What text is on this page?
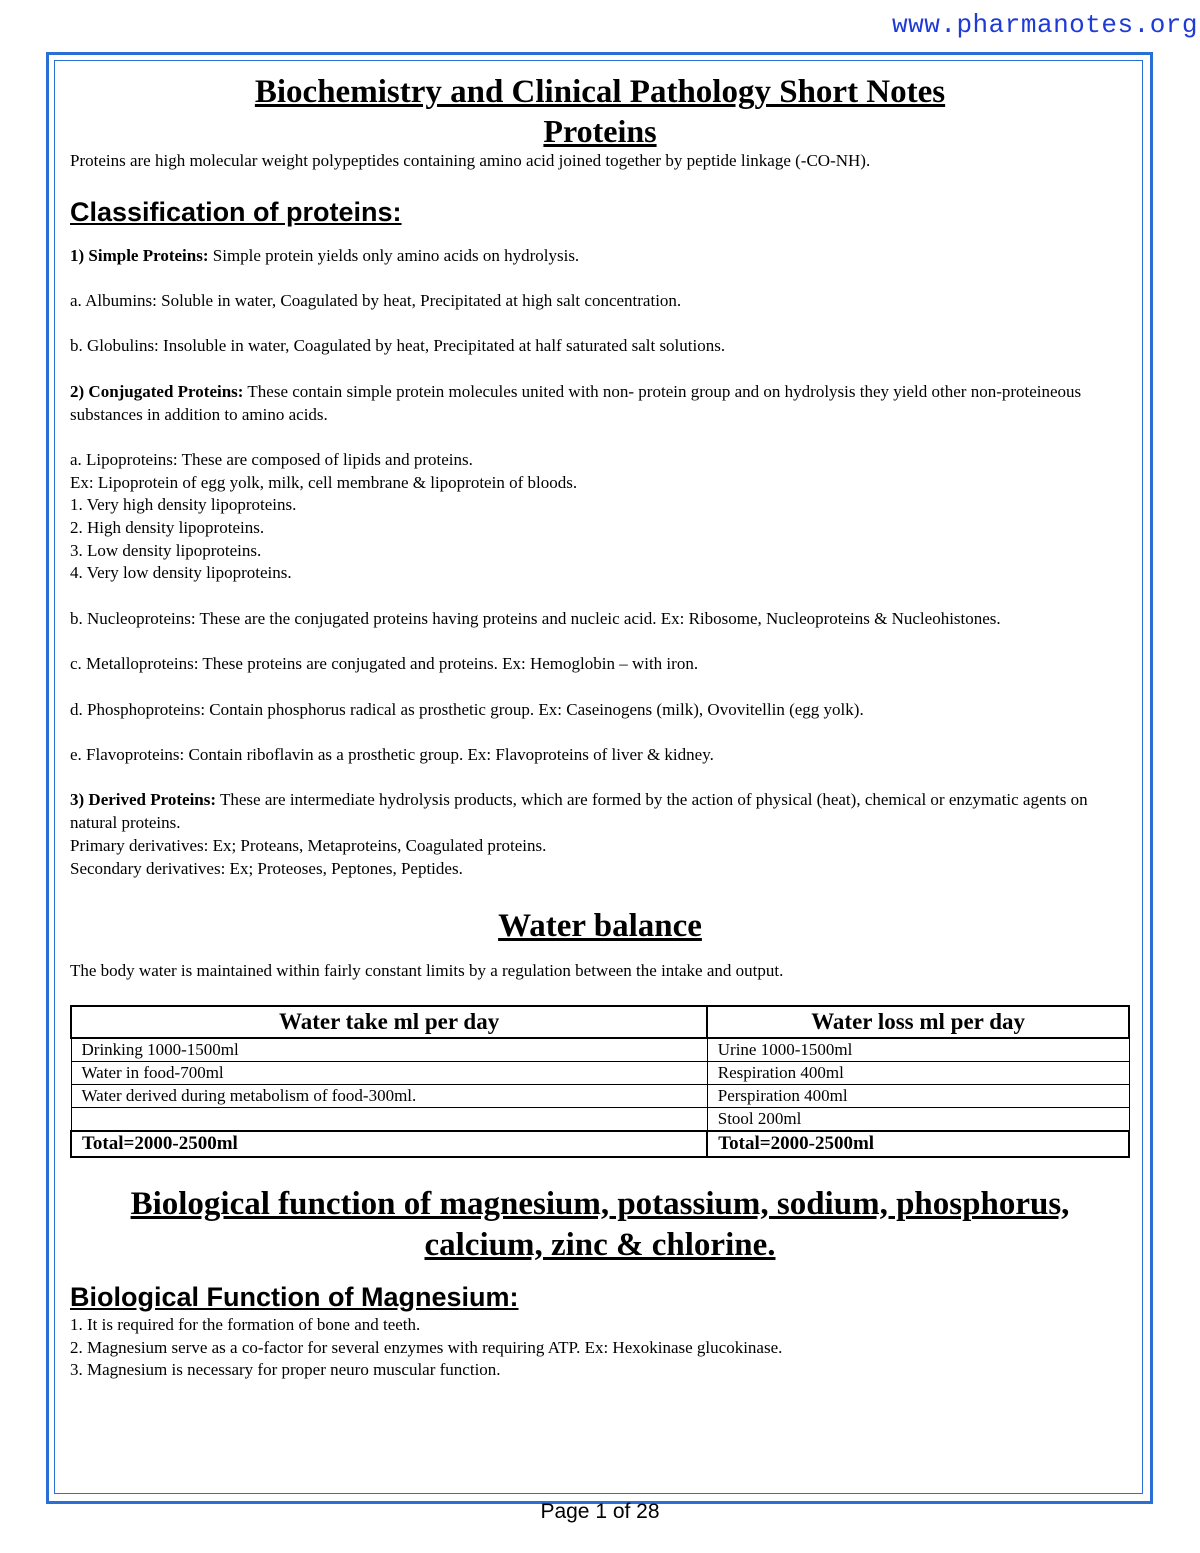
www.pharmanotes.org
Biochemistry and Clinical Pathology Short Notes
Proteins

Proteins are high molecular weight polypeptides containing amino acid joined together by peptide linkage (-CO-NH).

Classification of proteins:

1) Simple Proteins: Simple protein yields only amino acids on hydrolysis.

a. Albumins: Soluble in water, Coagulated by heat, Precipitated at high salt concentration.

b. Globulins: Insoluble in water, Coagulated by heat, Precipitated at half saturated salt solutions.

2) Conjugated Proteins: These contain simple protein molecules united with non- protein group and on hydrolysis they yield other non-proteineous substances in addition to amino acids.

a. Lipoproteins: These are composed of lipids and proteins.

Ex: Lipoprotein of egg yolk, milk, cell membrane & lipoprotein of bloods.

1. Very high density lipoproteins.

2. High density lipoproteins.

3. Low density lipoproteins.

4. Very low density lipoproteins.

b. Nucleoproteins: These are the conjugated proteins having proteins and nucleic acid. Ex: Ribosome, Nucleoproteins & Nucleohistones.

c. Metalloproteins: These proteins are conjugated and proteins. Ex: Hemoglobin – with iron.

d. Phosphoproteins: Contain phosphorus radical as prosthetic group. Ex: Caseinogens (milk), Ovovitellin (egg yolk).

e. Flavoproteins: Contain riboflavin as a prosthetic group. Ex: Flavoproteins of liver & kidney.

3) Derived Proteins: These are intermediate hydrolysis products, which are formed by the action of physical (heat), chemical or enzymatic agents on natural proteins.

Primary derivatives: Ex; Proteans, Metaproteins, Coagulated proteins.

Secondary derivatives: Ex; Proteoses, Peptones, Peptides.

Water balance

The body water is maintained within fairly constant limits by a regulation between the intake and output.

Water take ml per day	Water loss ml per day
Drinking 1000-1500ml	Urine 1000-1500ml
Water in food-700ml	Respiration 400ml
Water derived during metabolism of food-300ml.	Perspiration 400ml
	Stool 200ml
Total=2000-2500ml	Total=2000-2500ml
Biological function of magnesium, potassium, sodium, phosphorus,
calcium, zinc & chlorine.
Biological Function of Magnesium:

1. It is required for the formation of bone and teeth.

2. Magnesium serve as a co-factor for several enzymes with requiring ATP. Ex: Hexokinase glucokinase.

3. Magnesium is necessary for proper neuro muscular function.

Page 1 of 28
